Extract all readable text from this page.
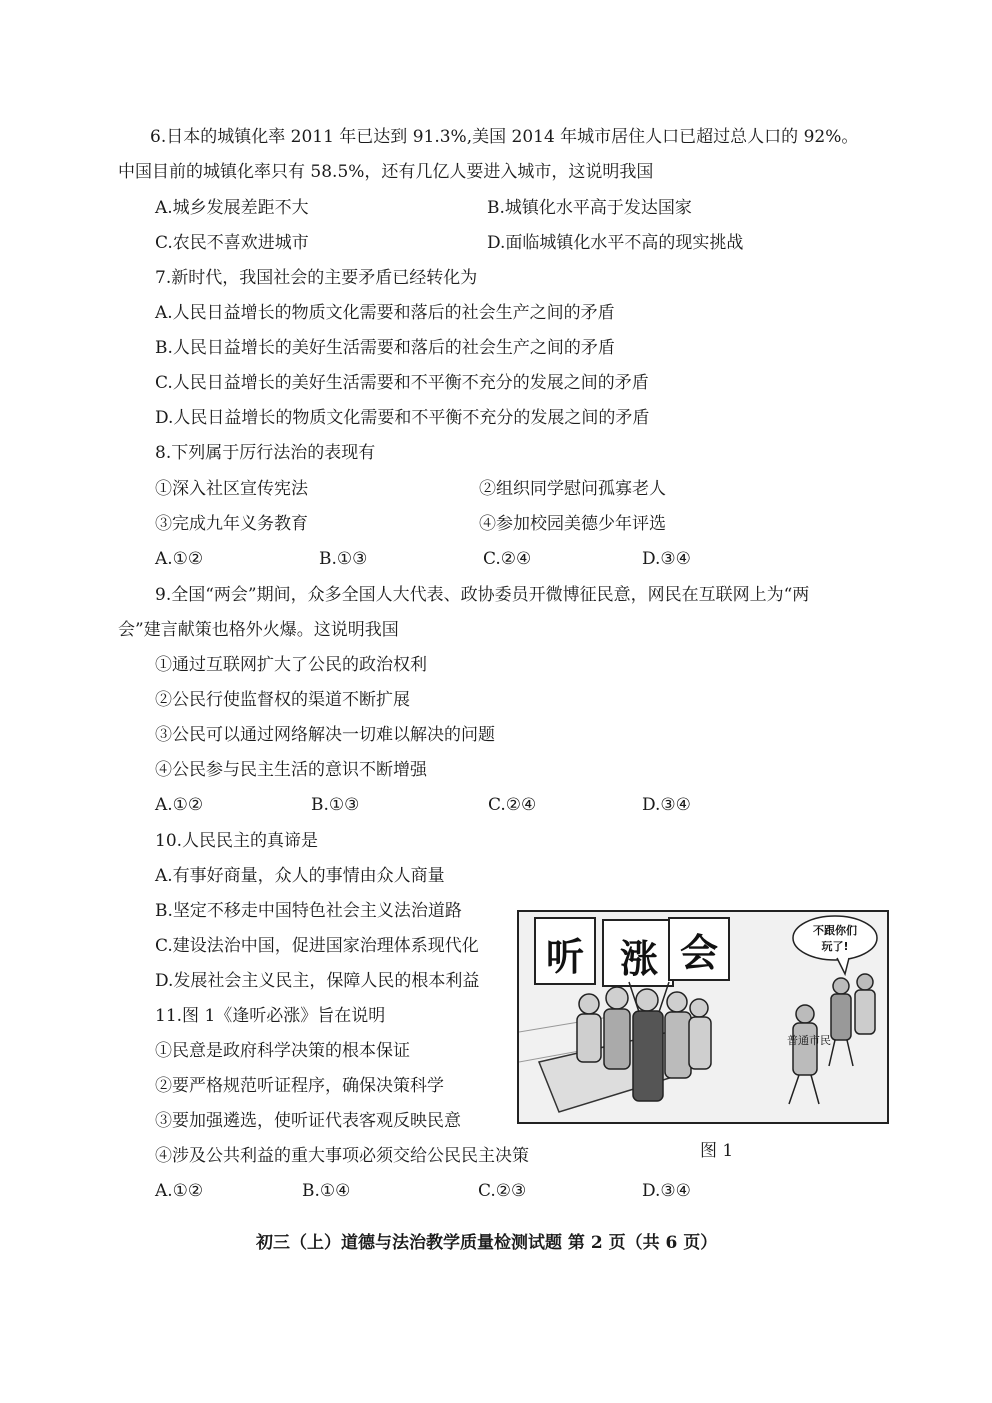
6.日本的城镇化率 2011 年已达到 91.3%,美国 2014 年城市居住人口已超过总人口的 92%。
中国目前的城镇化率只有 58.5%，还有几亿人要进入城市，这说明我国
A.城乡发展差距不大	B.城镇化水平高于发达国家
C.农民不喜欢进城市	D.面临城镇化水平不高的现实挑战
7.新时代，我国社会的主要矛盾已经转化为
A.人民日益增长的物质文化需要和落后的社会生产之间的矛盾
B.人民日益增长的美好生活需要和落后的社会生产之间的矛盾
C.人民日益增长的美好生活需要和不平衡不充分的发展之间的矛盾
D.人民日益增长的物质文化需要和不平衡不充分的发展之间的矛盾
8.下列属于厉行法治的表现有
①深入社区宣传宪法	②组织同学慰问孤寡老人
③完成九年义务教育	④参加校园美德少年评选
A.①②	B.①③	C.②④	D.③④
9.全国“两会”期间，众多全国人大代表、政协委员开微博征民意，网民在互联网上为“两
会”建言献策也格外火爆。这说明我国
①通过互联网扩大了公民的政治权利
②公民行使监督权的渠道不断扩展
③公民可以通过网络解决一切难以解决的问题
④公民参与民主生活的意识不断增强
A.①②	B.①③	C.②④	D.③④
10.人民民主的真谛是
A.有事好商量，众人的事情由众人商量
B.坚定不移走中国特色社会主义法治道路
C.建设法治中国，促进国家治理体系现代化
D.发展社会主义民主，保障人民的根本利益
11.图 1《逢听必涨》旨在说明
①民意是政府科学决策的根本保证
②要严格规范听证程序，确保决策科学
③要加强遴选，使听证代表客观反映民意
④涉及公共利益的重大事项必须交给公民民主决策
A.①②	B.①④	C.②③	D.③④
听 涨 会
不跟你们
玩了!
普通市民
图 1
初三（上）道德与法治教学质量检测试题 第 2 页（共 6 页）
